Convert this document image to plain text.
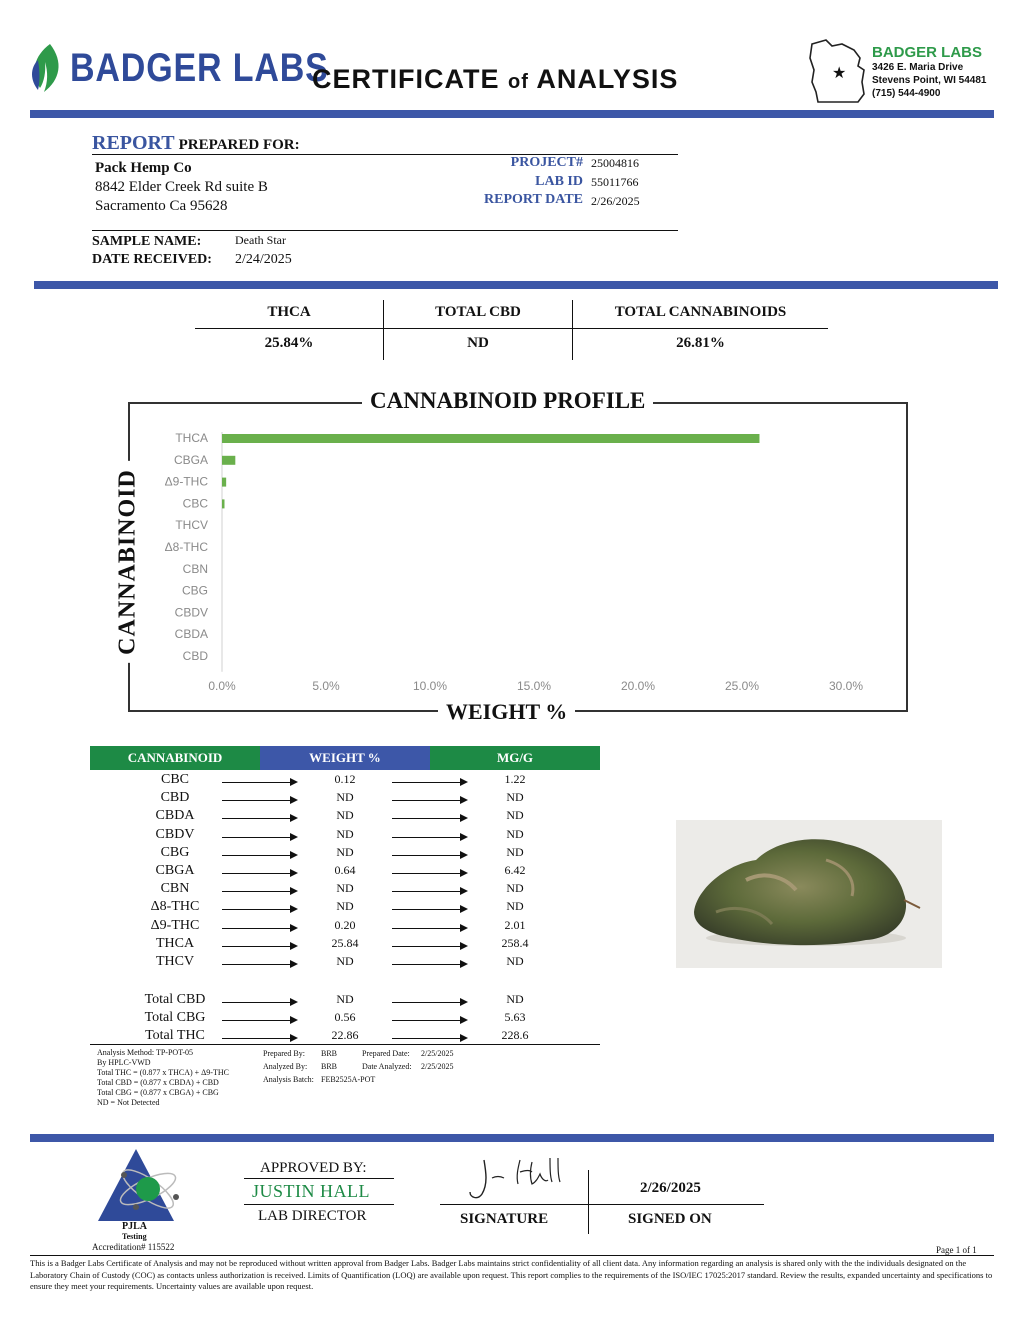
BADGER LABS
CERTIFICATE of ANALYSIS	★
BADGER LABS
3426 E. Maria Drive
Stevens Point, WI 54481
(715) 544-4900
REPORT PREPARED FOR:
Pack Hemp Co
8842 Elder Creek Rd suite B
Sacramento Ca 95628
PROJECT# 25004816
LAB ID 55011766
REPORT DATE 2/26/2025
SAMPLE NAME:	Death Star
DATE RECEIVED: 2/24/2025
THCA	TOTAL CBD	TOTAL CANNABINOIDS
25.84%	ND	26.81%
CANNABINOID PROFILE
WEIGHT %
CANNABINOID
THCA
CBGA
Δ9-THC
CBC
THCV
Δ8-THC
CBN
CBG
CBDV
CBDA
CBD
0.0%	5.0%	10.0%	15.0%	20.0%	25.0%	30.0%
CANNABINOID	WEIGHT %	MG/G
CBC	0.12	1.22
CBD	ND	ND
CBDA	ND	ND
CBDV	ND	ND
CBG	ND	ND
CBGA	0.64	6.42
CBN	ND	ND
Δ8-THC	ND	ND
Δ9-THC	0.20	2.01
THCA	25.84	258.4
THCV	ND	ND
Total CBD	ND	ND
Total CBG	0.56	5.63
Total THC	22.86	228.6
Analysis Method: TP-POT-05
By HPLC-VWD
Total THC = (0.877 x THCA) + Δ9-THC
Total CBD = (0.877 x CBDA) + CBD
Total CBG = (0.877 x CBGA) + CBG
ND = Not Detected
Prepared By: BRB	Prepared Date: 2/25/2025
Analyzed By: BRB	Date Analyzed: 2/25/2025
Analysis Batch: FEB2525A-POT
PJLA
Testing
Accreditation# 115522
APPROVED BY:
JUSTIN HALL
LAB DIRECTOR	SIGNATURE
2/26/2025
SIGNED ON
Page 1 of 1
This is a Badger Labs Certificate of Analysis and may not be reproduced without written approval from Badger Labs. Badger Labs maintains strict confidentiality of all client data. Any information regarding an analysis is shared only with the the individuals designated on the Laboratory Chain of Custody (COC) as contacts unless authorization is received. Limits of Quantification (LOQ) are available upon request. This report complies to the requirements of the ISO/IEC 17025:2017 standard. Review the results, expanded uncertainty and specifications to ensure they meet your requirements. Uncertainty values are available upon request.
